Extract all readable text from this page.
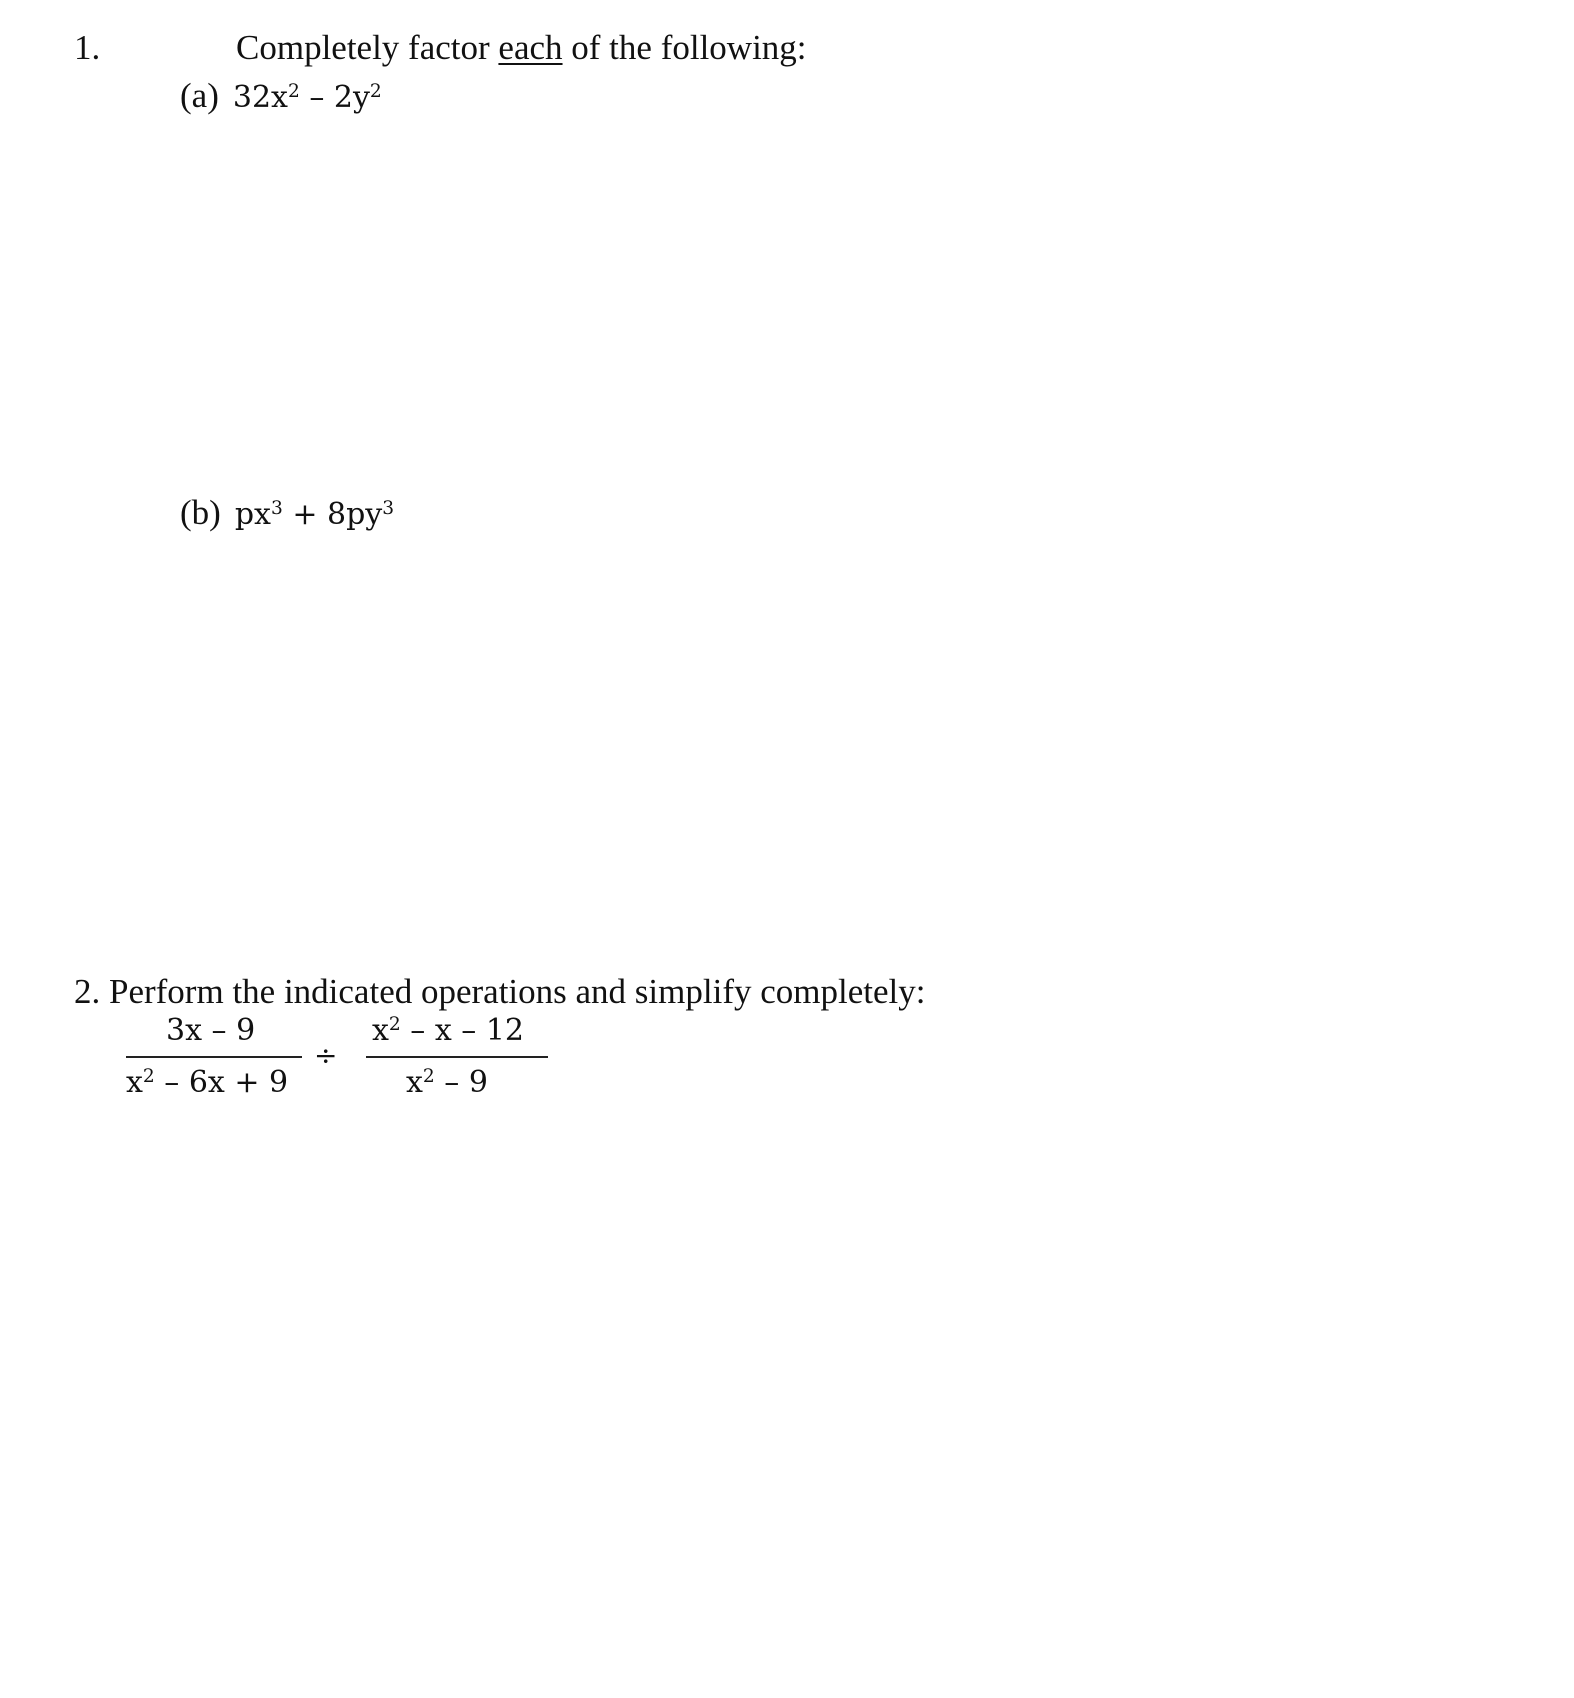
1.	Completely factor each of the following:
(a) $32x^2 - 2y^2$
(b) $px^3 + 8py^3$
2. Perform the indicated operations and simplify completely:
3x – 9
$x^2 - 6x + 9$
÷
$x^2$ – x – 12
$x^2 - 9$
